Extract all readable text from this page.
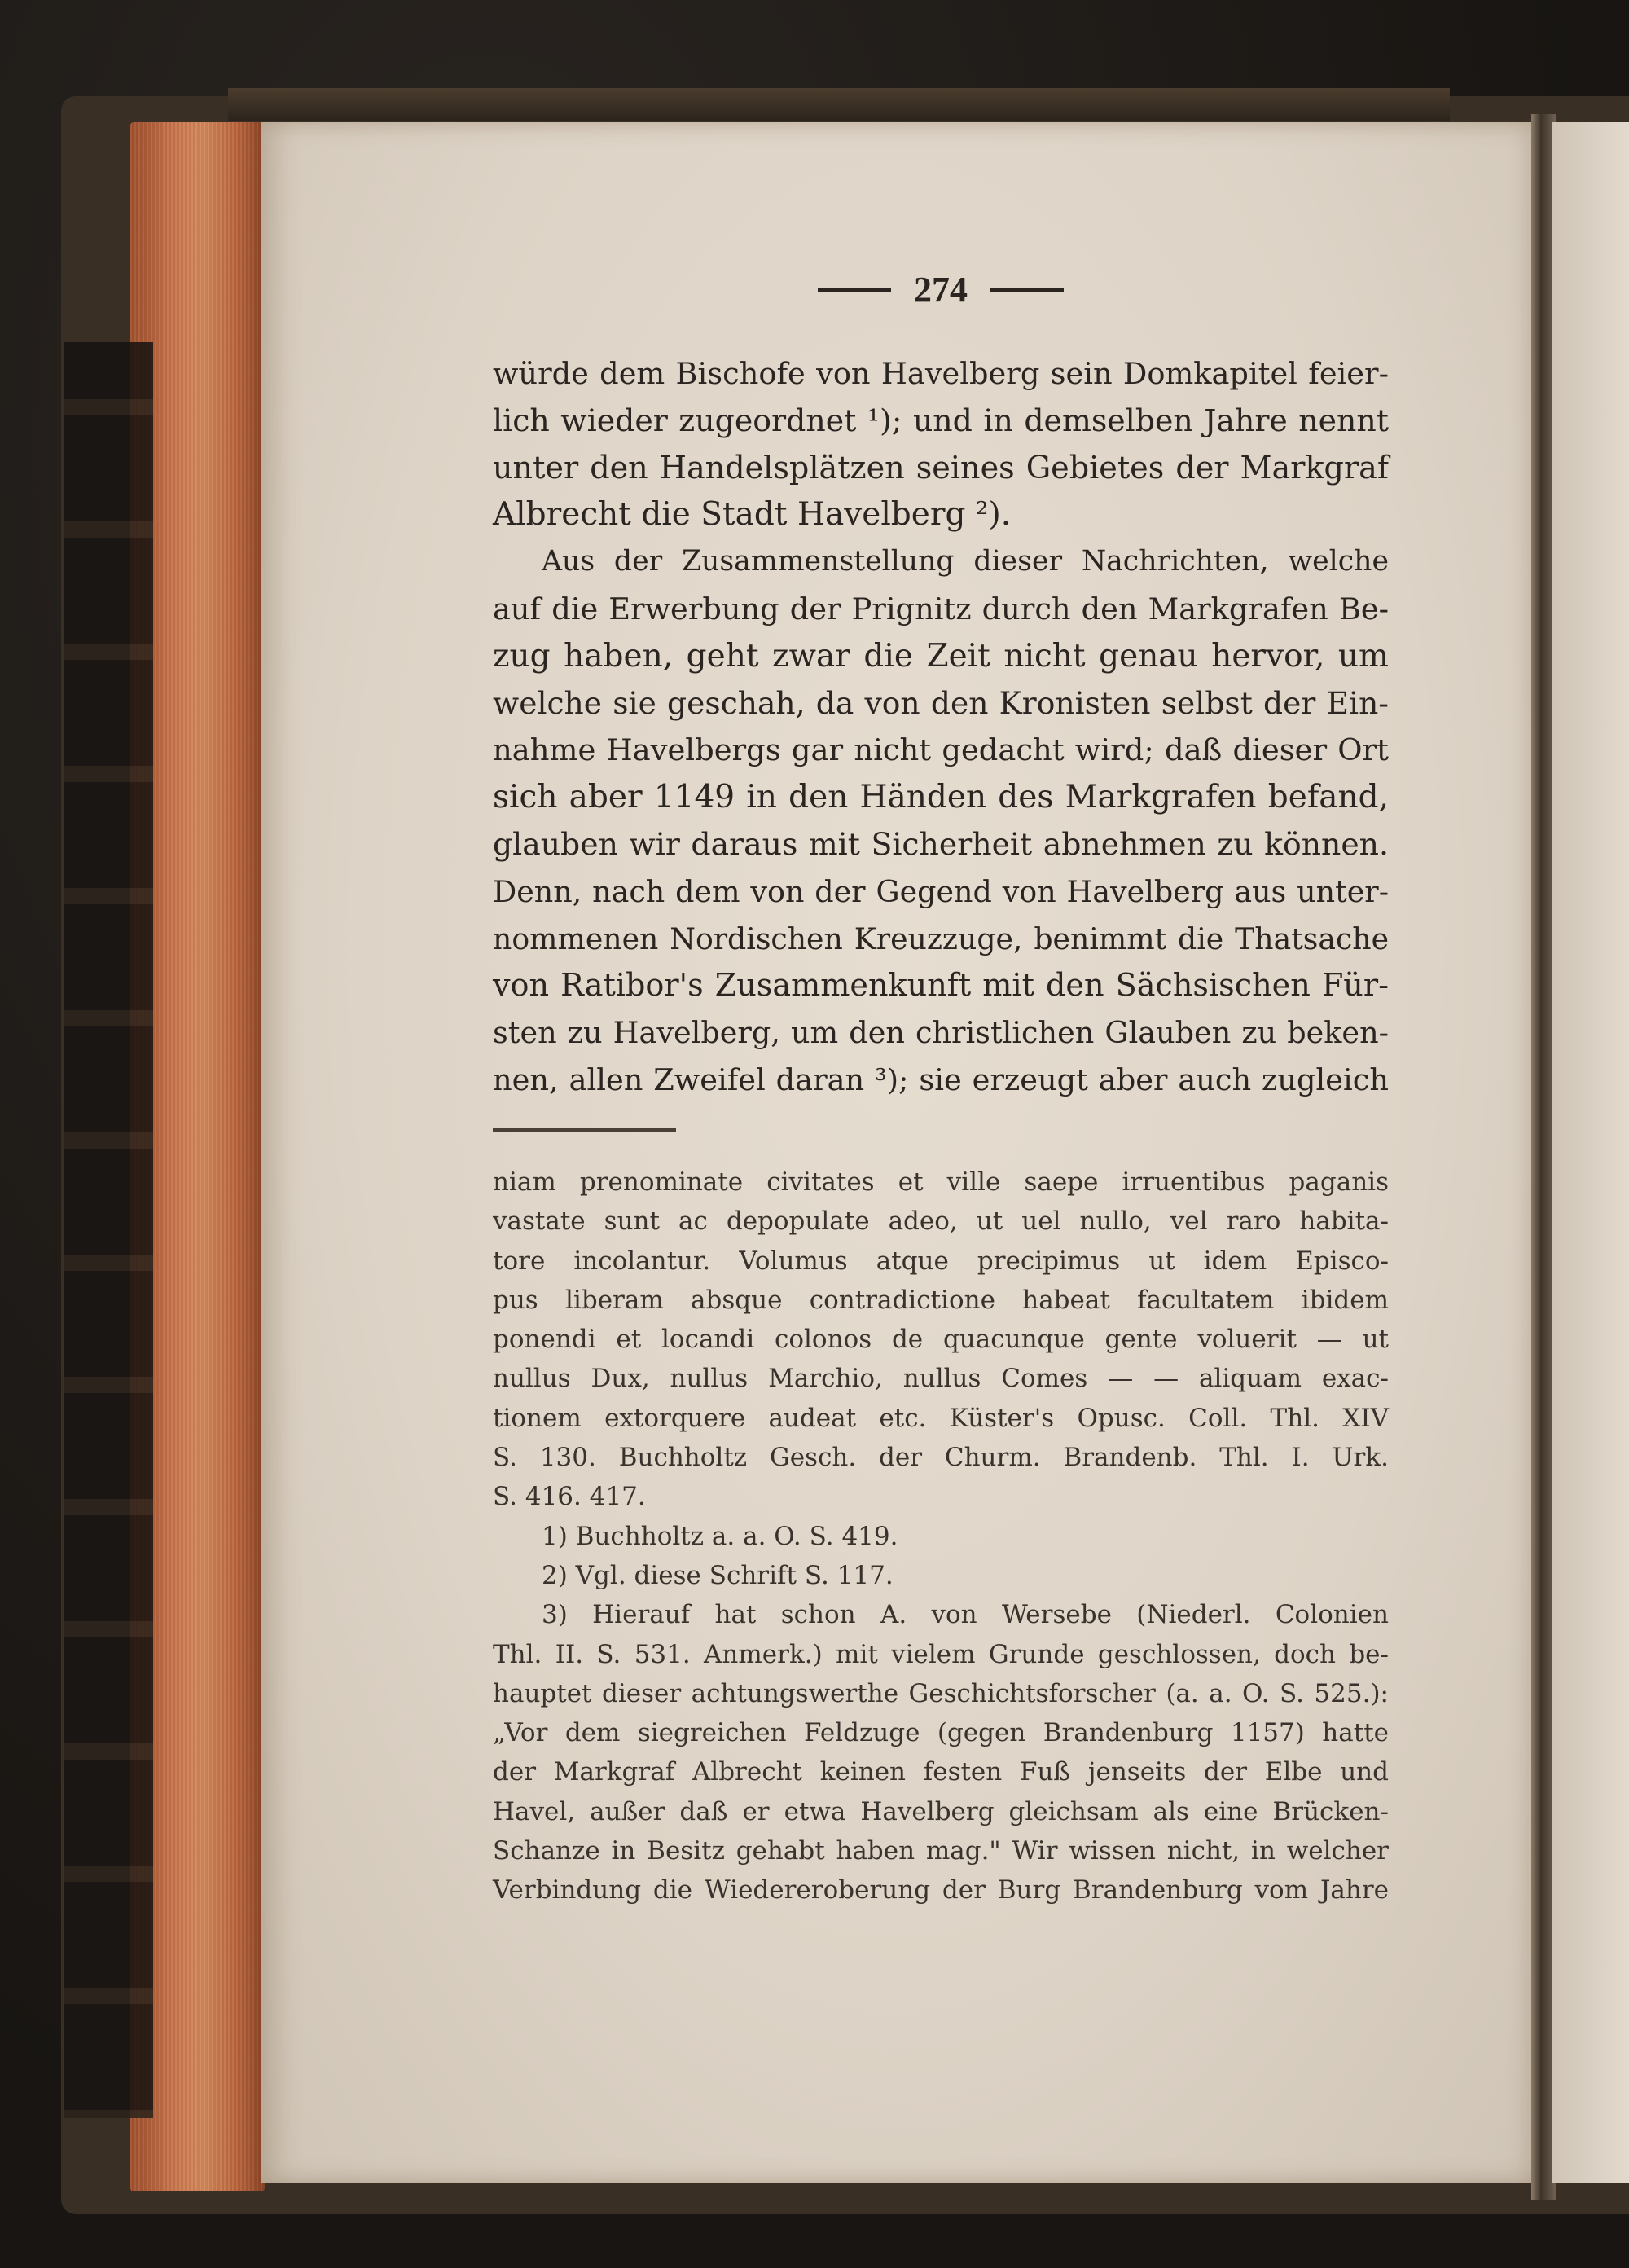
274
würde dem Bischofe von Havelberg sein Domkapitel feier-
lich wieder zugeordnet ¹); und in demselben Jahre nennt
unter den Handelsplätzen seines Gebietes der Markgraf
Albrecht die Stadt Havelberg ²).
Aus der Zusammenstellung dieser Nachrichten, welche
auf die Erwerbung der Prignitz durch den Markgrafen Be-
zug haben, geht zwar die Zeit nicht genau hervor, um
welche sie geschah, da von den Kronisten selbst der Ein-
nahme Havelbergs gar nicht gedacht wird; daß dieser Ort
sich aber 1149 in den Händen des Markgrafen befand,
glauben wir daraus mit Sicherheit abnehmen zu können.
Denn, nach dem von der Gegend von Havelberg aus unter-
nommenen Nordischen Kreuzzuge, benimmt die Thatsache
von Ratibor's Zusammenkunft mit den Sächsischen Für-
sten zu Havelberg, um den christlichen Glauben zu beken-
nen, allen Zweifel daran ³); sie erzeugt aber auch zugleich
niam prenominate civitates et ville saepe irruentibus paganis
vastate sunt ac depopulate adeo, ut uel nullo, vel raro habita-
tore incolantur. Volumus atque precipimus ut idem Episco-
pus liberam absque contradictione habeat facultatem ibidem
ponendi et locandi colonos de quacunque gente voluerit — ut
nullus Dux, nullus Marchio, nullus Comes — — aliquam exac-
tionem extorquere audeat etc. Küster's Opusc. Coll. Thl. XIV
S. 130. Buchholtz Gesch. der Churm. Brandenb. Thl. I. Urk.
S. 416. 417.
1) Buchholtz a. a. O. S. 419.
2) Vgl. diese Schrift S. 117.
3) Hierauf hat schon A. von Wersebe (Niederl. Colonien
Thl. II. S. 531. Anmerk.) mit vielem Grunde geschlossen, doch be-
hauptet dieser achtungswerthe Geschichtsforscher (a. a. O. S. 525.):
„Vor dem siegreichen Feldzuge (gegen Brandenburg 1157) hatte
der Markgraf Albrecht keinen festen Fuß jenseits der Elbe und
Havel, außer daß er etwa Havelberg gleichsam als eine Brücken-
Schanze in Besitz gehabt haben mag." Wir wissen nicht, in welcher
Verbindung die Wiedereroberung der Burg Brandenburg vom Jahre
